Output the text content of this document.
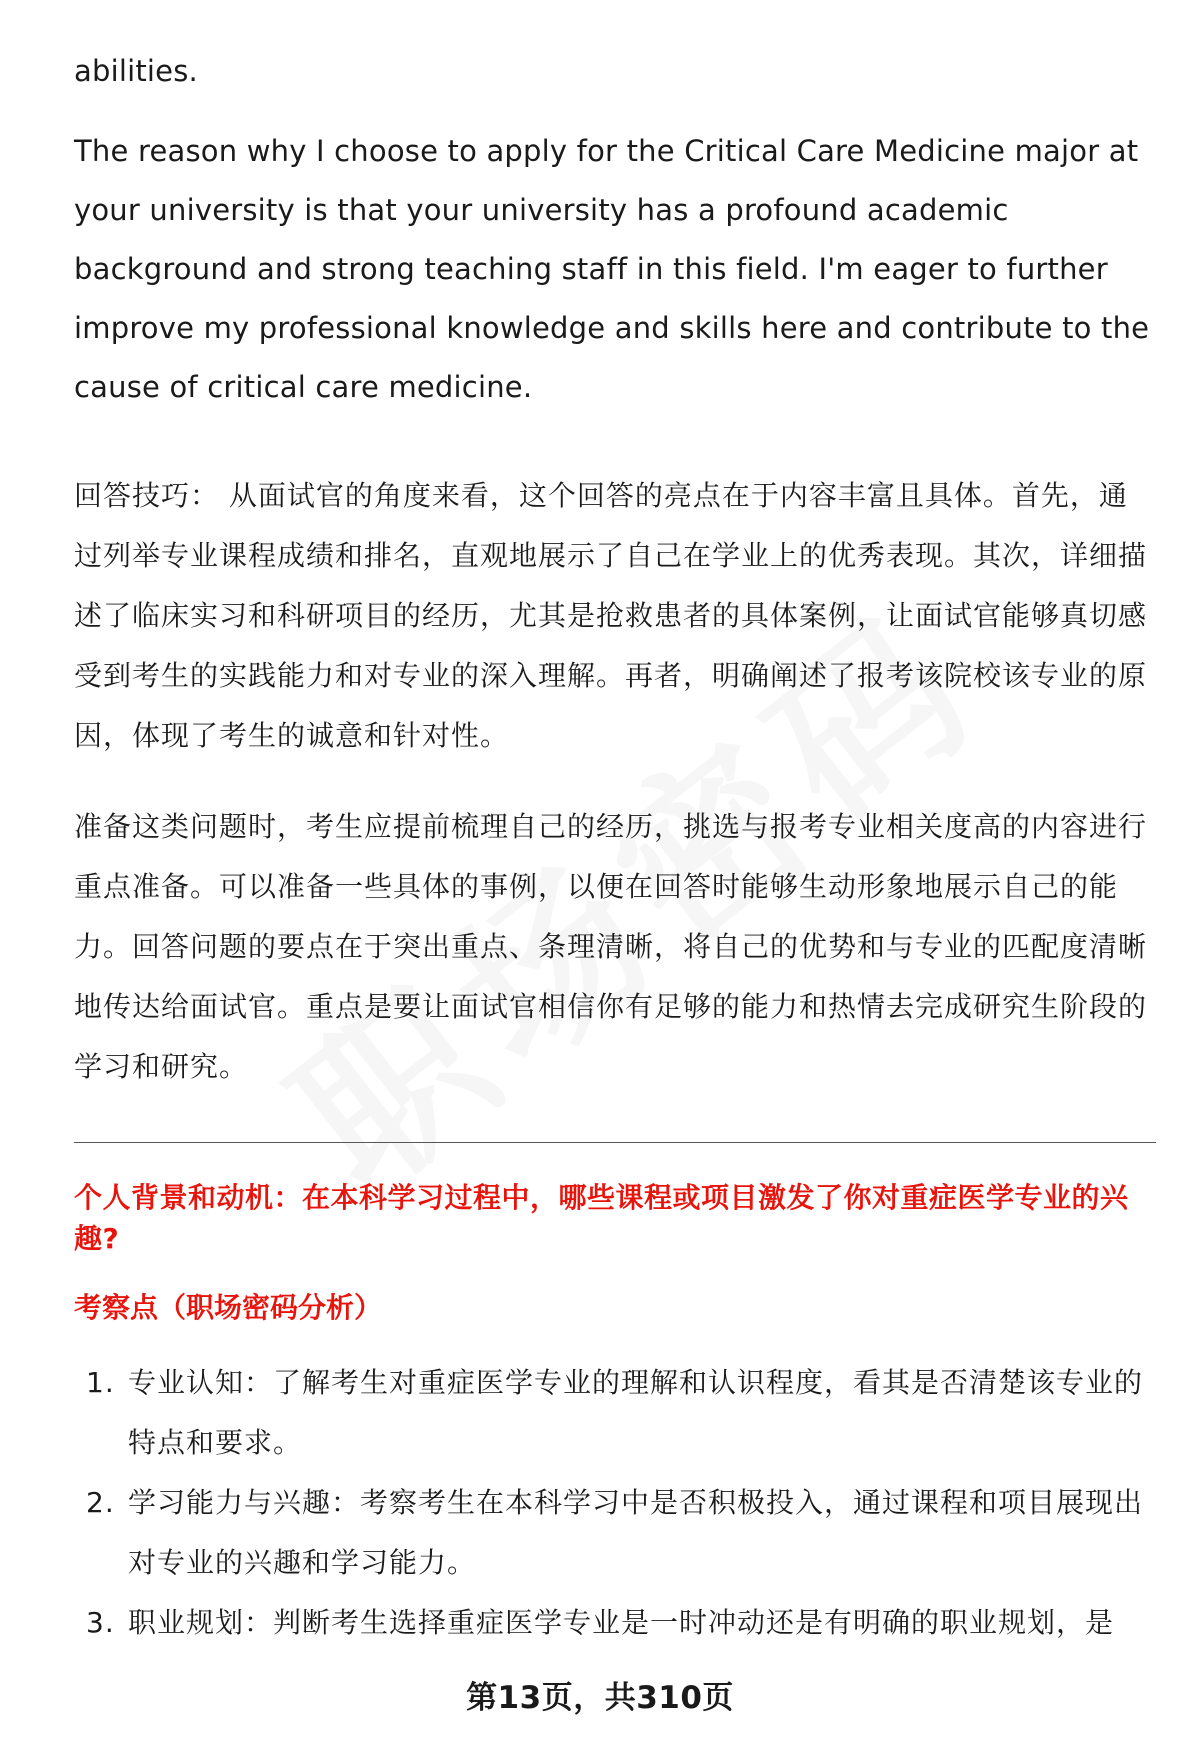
abilities.

The reason why I choose to apply for the Critical Care Medicine major at your university is that your university has a profound academic background and strong teaching staff in this field. I'm eager to further improve my professional knowledge and skills here and contribute to the cause of critical care medicine.

回答技巧： 从面试官的角度来看，这个回答的亮点在于内容丰富且具体。首先，通过列举专业课程成绩和排名，直观地展示了自己在学业上的优秀表现。其次，详细描述了临床实习和科研项目的经历，尤其是抢救患者的具体案例，让面试官能够真切感受到考生的实践能力和对专业的深入理解。再者，明确阐述了报考该院校该专业的原因，体现了考生的诚意和针对性。

准备这类问题时，考生应提前梳理自己的经历，挑选与报考专业相关度高的内容进行重点准备。可以准备一些具体的事例，以便在回答时能够生动形象地展示自己的能力。回答问题的要点在于突出重点、条理清晰，将自己的优势和与专业的匹配度清晰地传达给面试官。重点是要让面试官相信你有足够的能力和热情去完成研究生阶段的学习和研究。

个人背景和动机：在本科学习过程中，哪些课程或项目激发了你对重症医学专业的兴趣?
考察点（职场密码分析）
1. 专业认知：了解考生对重症医学专业的理解和认识程度，看其是否清楚该专业的特点和要求。
2. 学习能力与兴趣：考察考生在本科学习中是否积极投入，通过课程和项目展现出对专业的兴趣和学习能力。
3. 职业规划：判断考生选择重症医学专业是一时冲动还是有明确的职业规划，是
第13页，共310页
